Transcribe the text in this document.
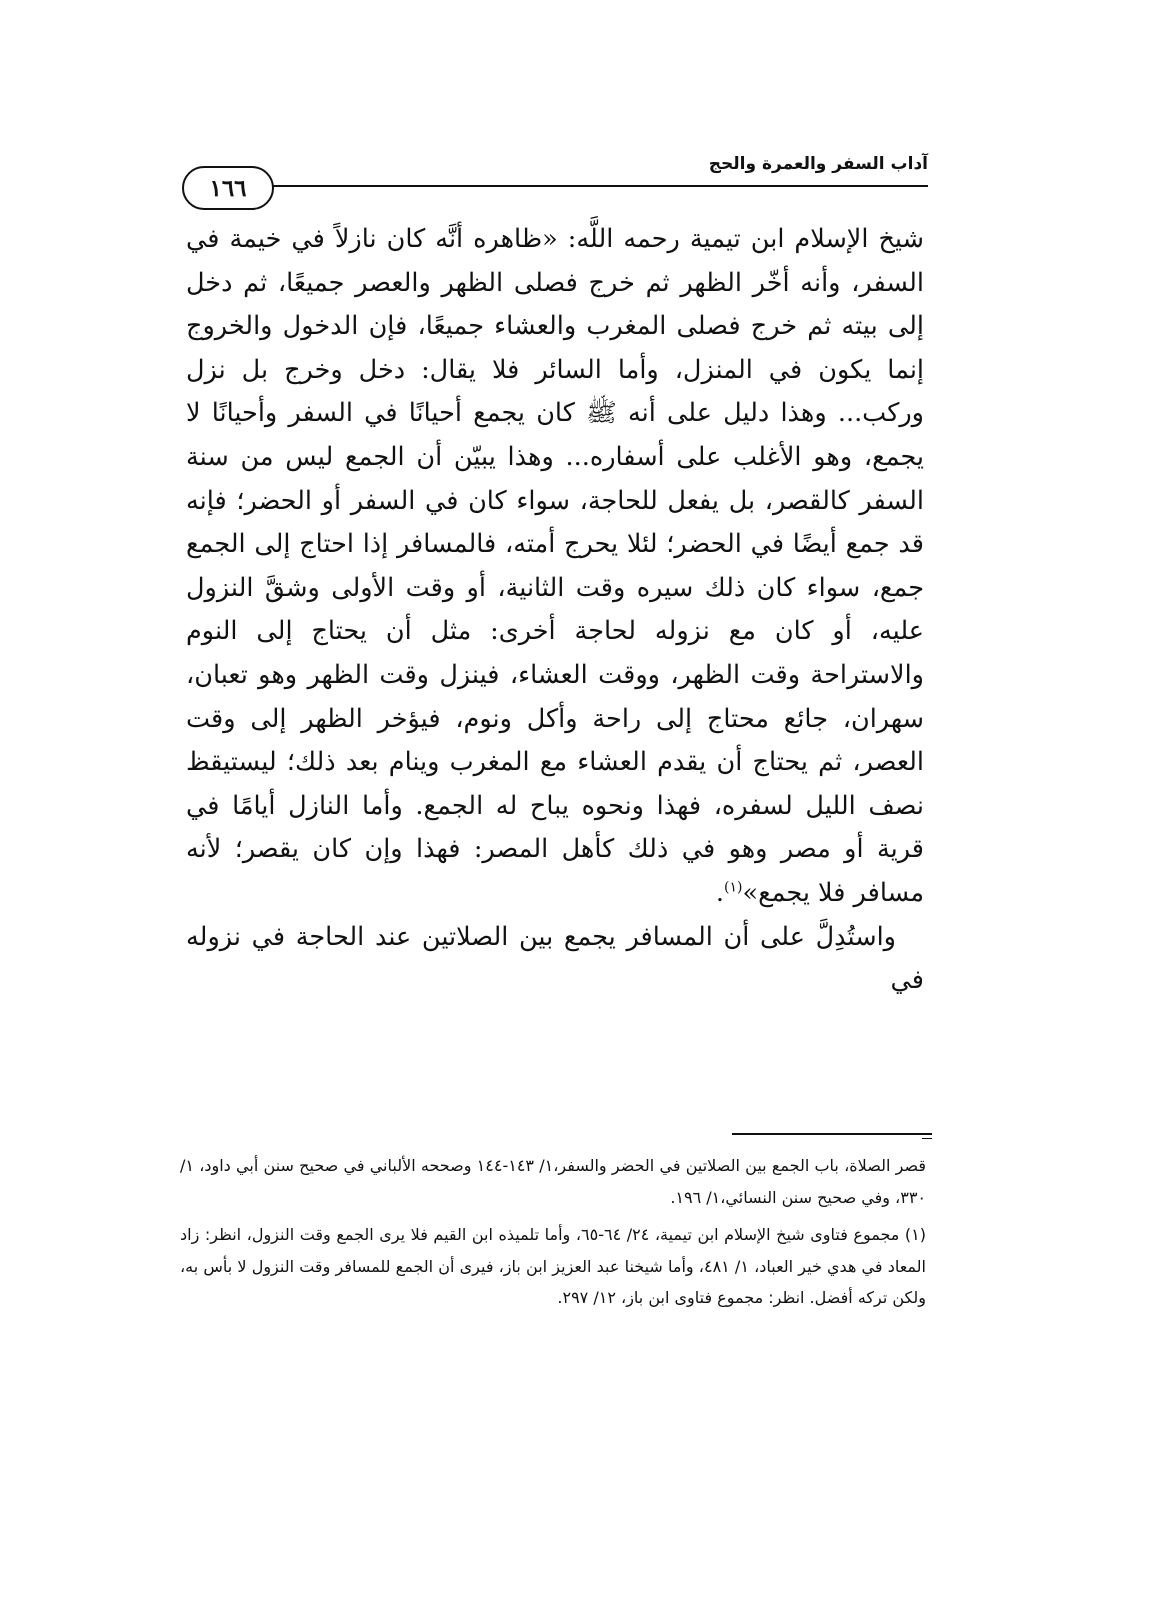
آداب السفر والعمرة والحج
١٦٦

شيخ الإسلام ابن تيمية رحمه اللَّه: «ظاهره أنَّه كان نازلاً في خيمة في السفر، وأنه أخّر الظهر ثم خرج فصلى الظهر والعصر جميعًا، ثم دخل إلى بيته ثم خرج فصلى المغرب والعشاء جميعًا، فإن الدخول والخروج إنما يكون في المنزل، وأما السائر فلا يقال: دخل وخرج بل نزل وركب... وهذا دليل على أنه ﷺ كان يجمع أحيانًا في السفر وأحيانًا لا يجمع، وهو الأغلب على أسفاره... وهذا يبيّن أن الجمع ليس من سنة السفر كالقصر، بل يفعل للحاجة، سواء كان في السفر أو الحضر؛ فإنه قد جمع أيضًا في الحضر؛ لئلا يحرج أمته، فالمسافر إذا احتاج إلى الجمع جمع، سواء كان ذلك سيره وقت الثانية، أو وقت الأولى وشقَّ النزول عليه، أو كان مع نزوله لحاجة أخرى: مثل أن يحتاج إلى النوم والاستراحة وقت الظهر، ووقت العشاء، فينزل وقت الظهر وهو تعبان، سهران، جائع محتاج إلى راحة وأكل ونوم، فيؤخر الظهر إلى وقت العصر، ثم يحتاج أن يقدم العشاء مع المغرب وينام بعد ذلك؛ ليستيقظ نصف الليل لسفره، فهذا ونحوه يباح له الجمع. وأما النازل أيامًا في قرية أو مصر وهو في ذلك كأهل المصر: فهذا وإن كان يقصر؛ لأنه مسافر فلا يجمع»$^{(١)}$.

واستُدِلَّ على أن المسافر يجمع بين الصلاتين عند الحاجة في نزوله في

قصر الصلاة، باب الجمع بين الصلاتين في الحضر والسفر،١/ ١٤٣-١٤٤ وصححه الألباني في صحيح سنن أبي داود، ١/ ٣٣٠، وفي صحيح سنن النسائي،١/ ١٩٦.

(١) مجموع فتاوى شيخ الإسلام ابن تيمية، ٢٤/ ٦٤-٦٥، وأما تلميذه ابن القيم فلا يرى الجمع وقت النزول، انظر: زاد المعاد في هدي خير العباد، ١/ ٤٨١، وأما شيخنا عبد العزيز ابن باز، فيرى أن الجمع للمسافر وقت النزول لا بأس به، ولكن تركه أفضل. انظر: مجموع فتاوى ابن باز، ١٢/ ٢٩٧.
